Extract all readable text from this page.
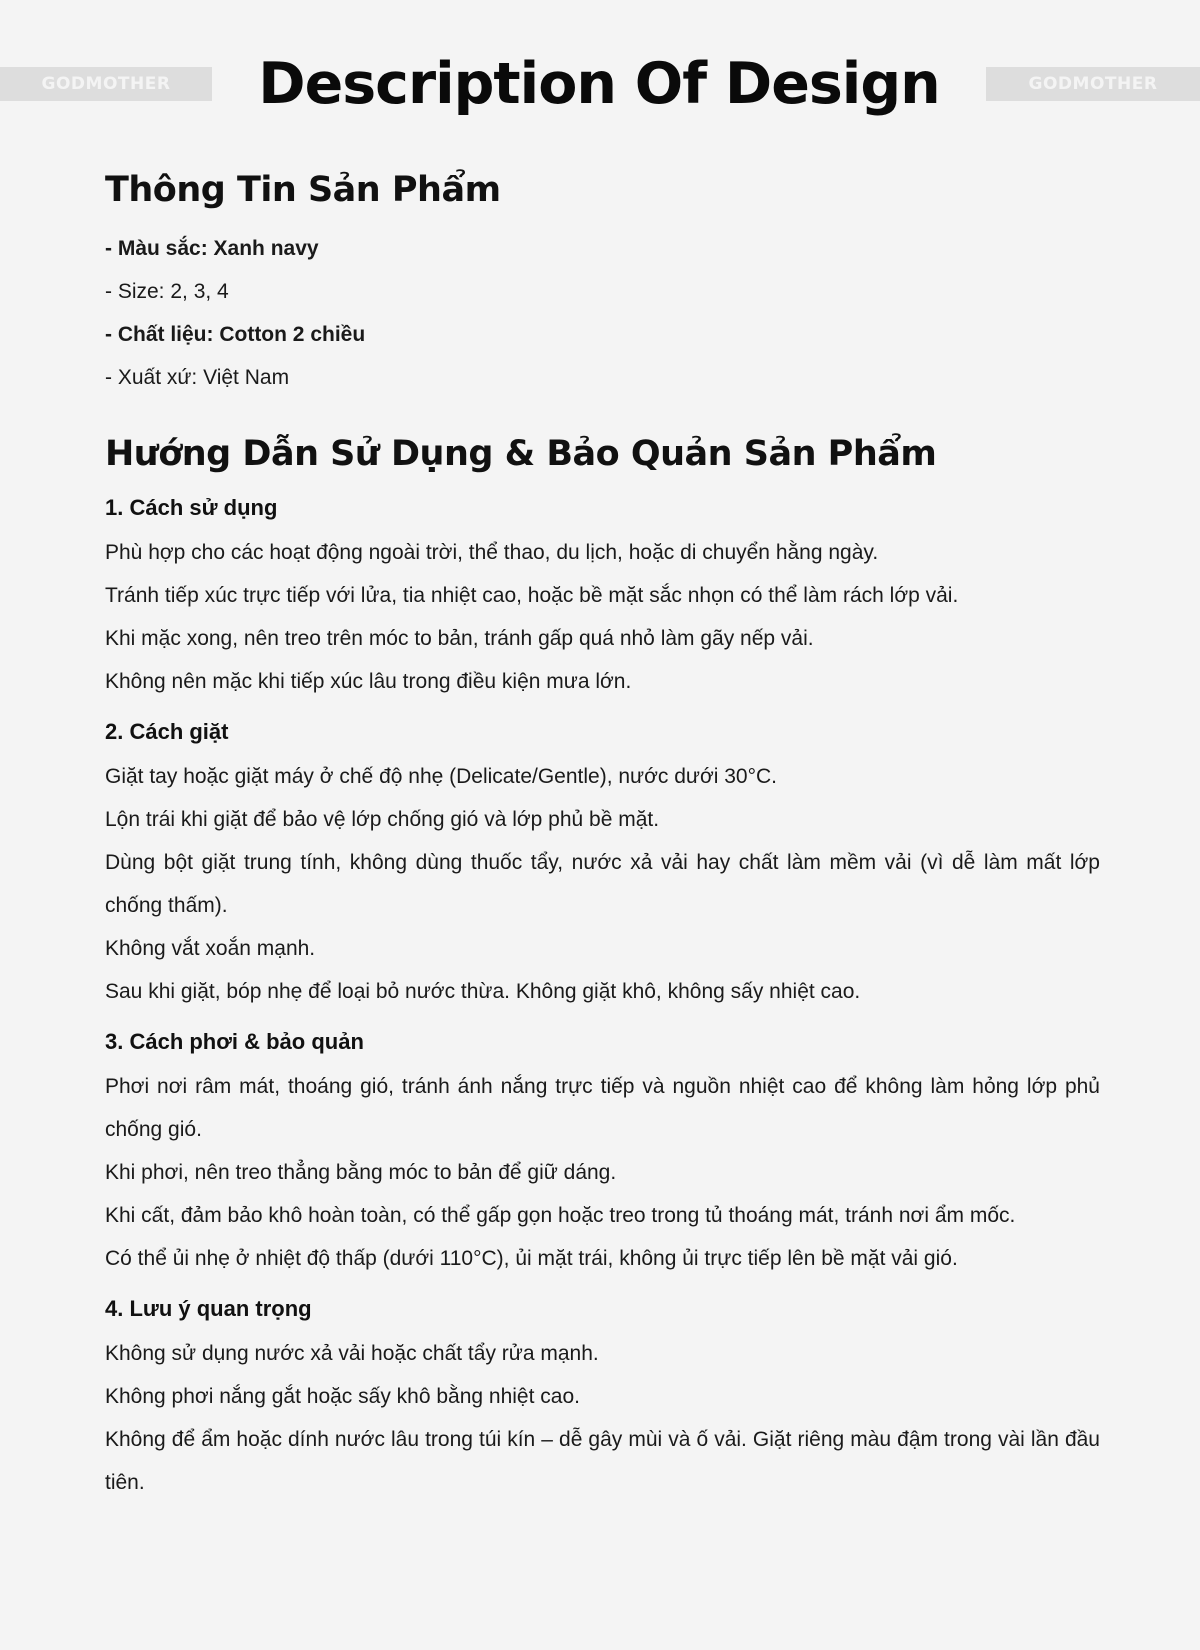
GODMOTHER	Description Of Design	GODMOTHER
Thông Tin Sản Phẩm
- Màu sắc: Xanh navy
- Size: 2, 3, 4
- Chất liệu: Cotton 2 chiều
- Xuất xứ: Việt Nam
Hướng Dẫn Sử Dụng & Bảo Quản Sản Phẩm
1. Cách sử dụng

Phù hợp cho các hoạt động ngoài trời, thể thao, du lịch, hoặc di chuyển hằng ngày.

Tránh tiếp xúc trực tiếp với lửa, tia nhiệt cao, hoặc bề mặt sắc nhọn có thể làm rách lớp vải.

Khi mặc xong, nên treo trên móc to bản, tránh gấp quá nhỏ làm gãy nếp vải.

Không nên mặc khi tiếp xúc lâu trong điều kiện mưa lớn.

2. Cách giặt

Giặt tay hoặc giặt máy ở chế độ nhẹ (Delicate/Gentle), nước dưới 30°C.

Lộn trái khi giặt để bảo vệ lớp chống gió và lớp phủ bề mặt.

Dùng bột giặt trung tính, không dùng thuốc tẩy, nước xả vải hay chất làm mềm vải (vì dễ làm mất lớp chống thấm).

Không vắt xoắn mạnh.

Sau khi giặt, bóp nhẹ để loại bỏ nước thừa. Không giặt khô, không sấy nhiệt cao.

3. Cách phơi & bảo quản

Phơi nơi râm mát, thoáng gió, tránh ánh nắng trực tiếp và nguồn nhiệt cao để không làm hỏng lớp phủ chống gió.

Khi phơi, nên treo thẳng bằng móc to bản để giữ dáng.

Khi cất, đảm bảo khô hoàn toàn, có thể gấp gọn hoặc treo trong tủ thoáng mát, tránh nơi ẩm mốc.

Có thể ủi nhẹ ở nhiệt độ thấp (dưới 110°C), ủi mặt trái, không ủi trực tiếp lên bề mặt vải gió.

4. Lưu ý quan trọng

Không sử dụng nước xả vải hoặc chất tẩy rửa mạnh.

Không phơi nắng gắt hoặc sấy khô bằng nhiệt cao.

Không để ẩm hoặc dính nước lâu trong túi kín – dễ gây mùi và ố vải. Giặt riêng màu đậm trong vài lần đầu tiên.
